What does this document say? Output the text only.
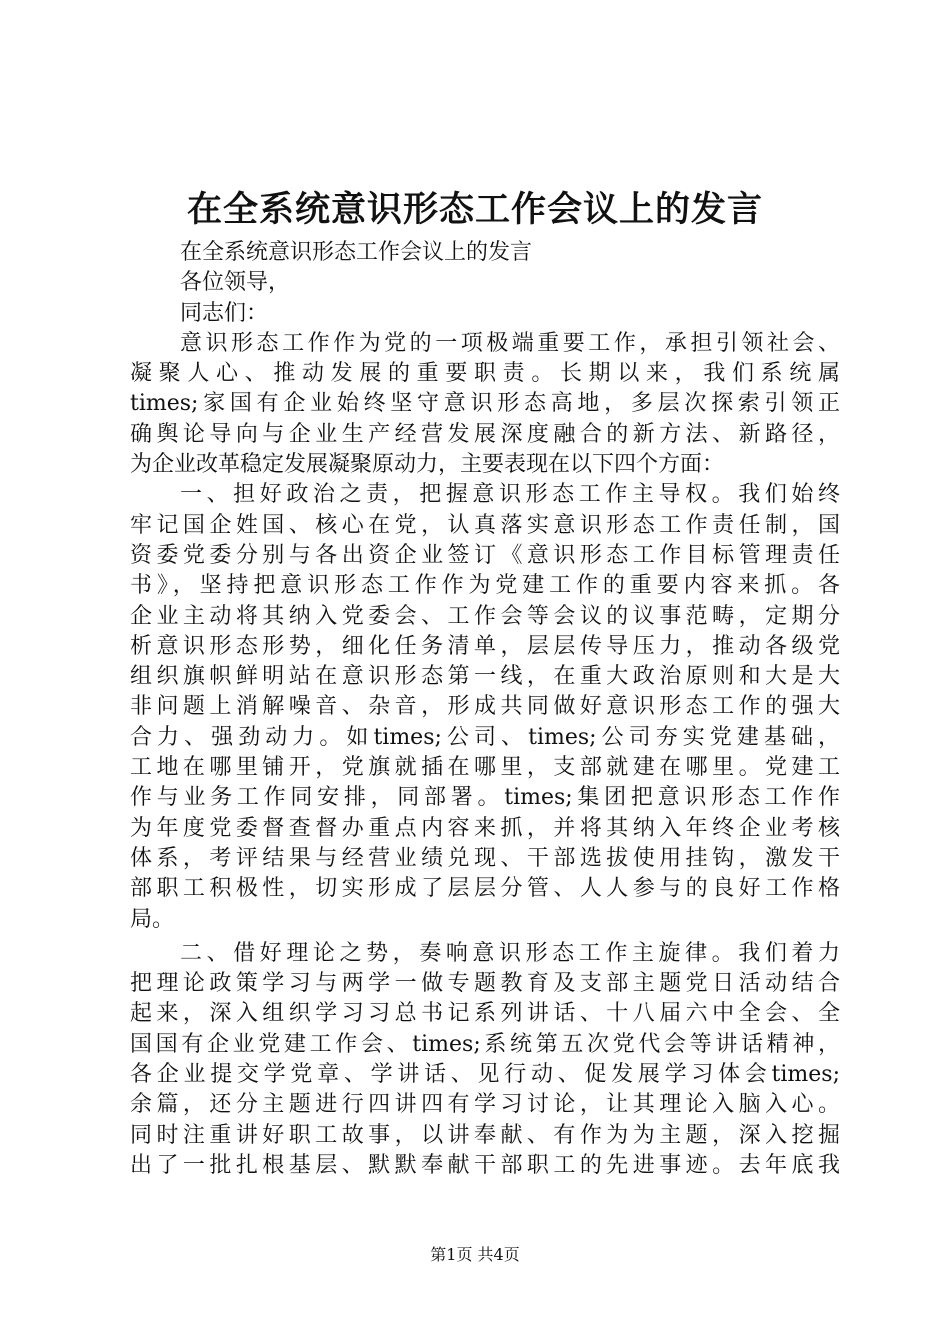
在全系统意识形态工作会议上的发言
在全系统意识形态工作会议上的发言
各位领导，
同志们：
意识形态工作作为党的一项极端重要工作，承担引领社会、
凝聚人心、推动发展的重要职责。长期以来，我们系统属
times;家国有企业始终坚守意识形态高地，多层次探索引领正
确舆论导向与企业生产经营发展深度融合的新方法、新路径，
为企业改革稳定发展凝聚原动力，主要表现在以下四个方面：
一、担好政治之责，把握意识形态工作主导权。我们始终
牢记国企姓国、核心在党，认真落实意识形态工作责任制，国
资委党委分别与各出资企业签订《意识形态工作目标管理责任
书》，坚持把意识形态工作作为党建工作的重要内容来抓。各
企业主动将其纳入党委会、工作会等会议的议事范畴，定期分
析意识形态形势，细化任务清单，层层传导压力，推动各级党
组织旗帜鲜明站在意识形态第一线，在重大政治原则和大是大
非问题上消解噪音、杂音，形成共同做好意识形态工作的强大
合力、强劲动力。如times;公司、times;公司夯实党建基础，
工地在哪里铺开，党旗就插在哪里，支部就建在哪里。党建工
作与业务工作同安排，同部署。times;集团把意识形态工作作
为年度党委督查督办重点内容来抓，并将其纳入年终企业考核
体系，考评结果与经营业绩兑现、干部选拔使用挂钩，激发干
部职工积极性，切实形成了层层分管、人人参与的良好工作格
局。
二、借好理论之势，奏响意识形态工作主旋律。我们着力
把理论政策学习与两学一做专题教育及支部主题党日活动结合
起来，深入组织学习习总书记系列讲话、十八届六中全会、全
国国有企业党建工作会、times;系统第五次党代会等讲话精神，
各企业提交学党章、学讲话、见行动、促发展学习体会times;
余篇，还分主题进行四讲四有学习讨论，让其理论入脑入心。
同时注重讲好职工故事，以讲奉献、有作为为主题，深入挖掘
出了一批扎根基层、默默奉献干部职工的先进事迹。去年底我
第1页 共4页
